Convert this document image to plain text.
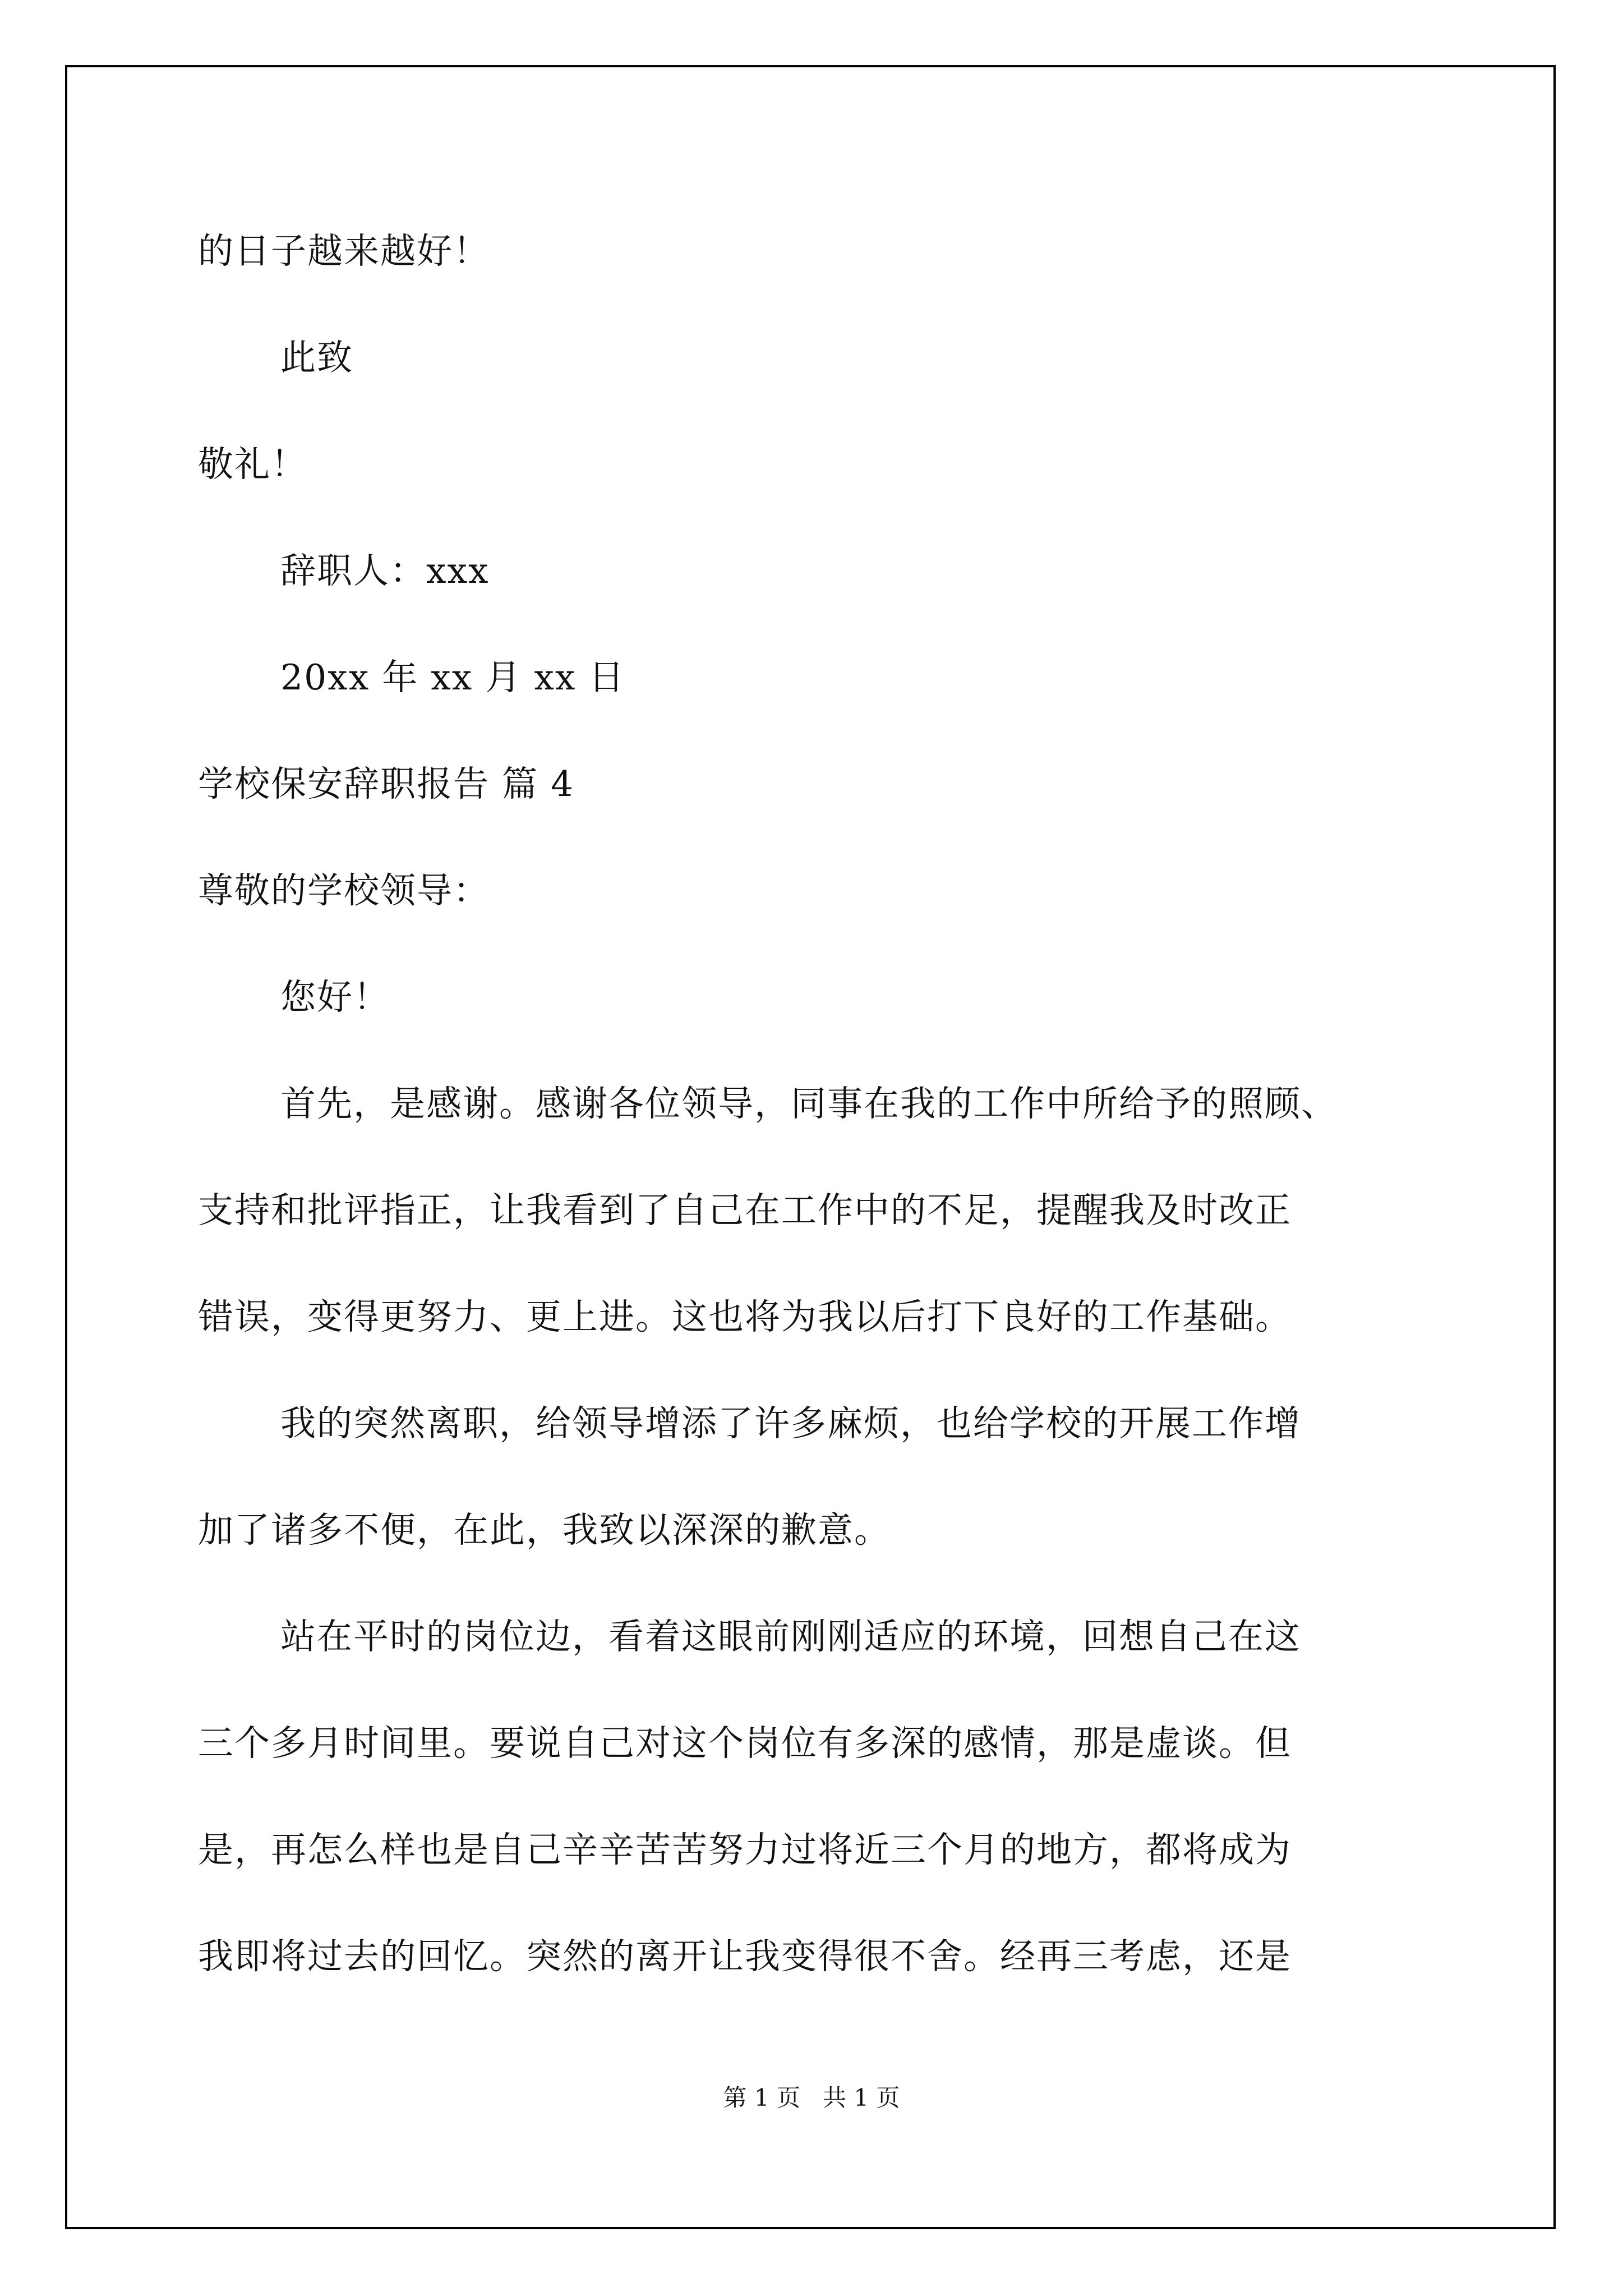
的日子越来越好！
此致
敬礼！
辞职人：xxx
20xx 年 xx 月 xx 日
学校保安辞职报告 篇 4
尊敬的学校领导：
您好！
首先，是感谢。感谢各位领导，同事在我的工作中所给予的照顾、
支持和批评指正，让我看到了自己在工作中的不足，提醒我及时改正
错误，变得更努力、更上进。这也将为我以后打下良好的工作基础。
我的突然离职，给领导增添了许多麻烦，也给学校的开展工作增
加了诸多不便，在此，我致以深深的歉意。
站在平时的岗位边，看着这眼前刚刚适应的环境，回想自己在这
三个多月时间里。要说自己对这个岗位有多深的感情，那是虚谈。但
是，再怎么样也是自己辛辛苦苦努力过将近三个月的地方，都将成为
我即将过去的回忆。突然的离开让我变得很不舍。经再三考虑，还是
第 1 页   共 1 页
